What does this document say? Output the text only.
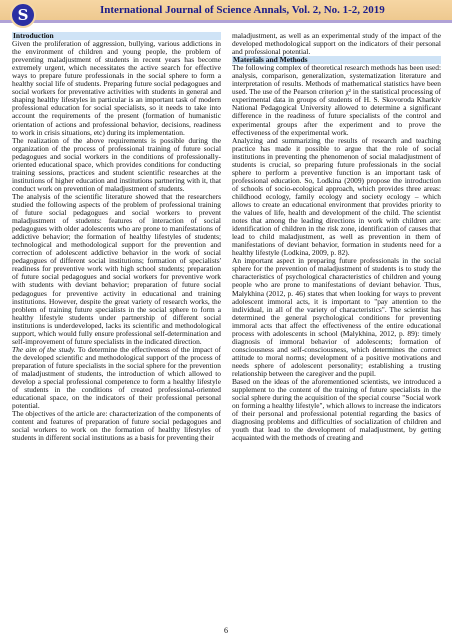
S	International Journal of Science Annals, Vol. 2, No. 1-2, 2019

Introduction

Given the proliferation of aggression, bullying, various addictions in the environment of children and young people, the problem of preventing maladjustment of students in recent years has become extremely urgent, which necessitates the active search for effective ways to prepare future professionals in the social sphere to form a healthy social life of students. Preparing future social pedagogues and social workers for preventative activities with students in general and shaping healthy lifestyles in particular is an important task of modern professional education for social specialists, so it needs to take into account the requirements of the present (formation of humanistic orientation of actions and professional behavior, decisions, readiness to work in crisis situations, etc) during its implementation.

The realization of the above requirements is possible during the organization of the process of professional training of future social pedagogues and social workers in the conditions of professionally-oriented educational space, which provides conditions for conducting training sessions, practices and student scientific researches at the institutions of higher education and institutions partnering with it, that conduct work on prevention of maladjustment of students.

The analysis of the scientific literature showed that the researchers studied the following aspects of the problem of professional training of future social pedagogues and social workers to prevent maladjustment of students: features of interaction of social pedagogues with older adolescents who are prone to manifestations of addictive behavior; the formation of healthy lifestyles of students; technological and methodological support for the prevention and correction of adolescent addictive behavior in the work of social pedagogues of different social institutions; formation of specialists' readiness for preventive work with high school students; preparation of future social pedagogues and social workers for preventive work with students with deviant behavior; preparation of future social pedagogues for preventive activity in educational and training institutions. However, despite the great variety of research works, the problem of training future specialists in the social sphere to form a healthy lifestyle students under partnership of different social institutions is underdeveloped, lacks its scientific and methodological support, which would fully ensure professional self-determination and self-improvement of future specialists in the indicated direction.

The aim of the study. To determine the effectiveness of the impact of the developed scientific and methodological support of the process of preparation of future specialists in the social sphere for the prevention of maladjustment of students, the introduction of which allowed to develop a special professional competence to form a healthy lifestyle of students in the conditions of created professional-oriented educational space, on the indicators of their professional personal potential.

The objectives of the article are: characterization of the components of content and features of preparation of future social pedagogues and social workers to work on the formation of healthy lifestyles of students in different social institutions as a basis for preventing their

maladjustment, as well as an experimental study of the impact of the developed methodological support on the indicators of their personal and professional potential.

Materials and Methods

The following complex of theoretical research methods has been used: analysis, comparison, generalization, systematization literature and interpretation of results. Methods of mathematical statistics have been used. The use of the Pearson criterion χ² in the statistical processing of experimental data in groups of students of H. S. Skovoroda Kharkiv National Pedagogical University allowed to determine a significant difference in the readiness of future specialists of the control and experimental groups after the experiment and to prove the effectiveness of the experimental work.

Analyzing and summarizing the results of research and teaching practice has made it possible to argue that the role of social institutions in preventing the phenomenon of social maladjustment of students is crucial, so preparing future professionals in the social sphere to perform a preventive function is an important task of professional education. So, Lodkina (2009) propose the introduction of schools of socio-ecological approach, which provides three areas: childhood ecology, family ecology and society ecology – which allows to create an educational environment that provides priority to the values of life, health and development of the child. The scientist notes that among the leading directions in work with children are: identification of children in the risk zone, identification of causes that lead to child maladjustment, as well as prevention in them of manifestations of deviant behavior, formation in students need for a healthy lifestyle (Lodkina, 2009, p. 82).

An important aspect in preparing future professionals in the social sphere for the prevention of maladjustment of students is to study the characteristics of psychological characteristics of children and young people who are prone to manifestations of deviant behavior. Thus, Malykhina (2012, p. 46) states that when looking for ways to prevent adolescent immoral acts, it is important to "pay attention to the individual, in all of the variety of characteristics". The scientist has determined the general psychological conditions for preventing immoral acts that affect the effectiveness of the entire educational process with adolescents in school (Malykhina, 2012, p. 89): timely diagnosis of immoral behavior of adolescents; formation of consciousness and self-consciousness, which determines the correct attitude to moral norms; development of a positive motivations and needs sphere of adolescent personality; establishing a trusting relationship between the caregiver and the pupil.

Based on the ideas of the aforementioned scientists, we introduced a supplement to the content of the training of future specialists in the social sphere during the acquisition of the special course "Social work on forming a healthy lifestyle", which allows to increase the indicators of their personal and professional potential regarding the basics of diagnosing problems and difficulties of socialization of children and youth that lead to the development of maladjustment, by getting acquainted with the methods of creating and

6
